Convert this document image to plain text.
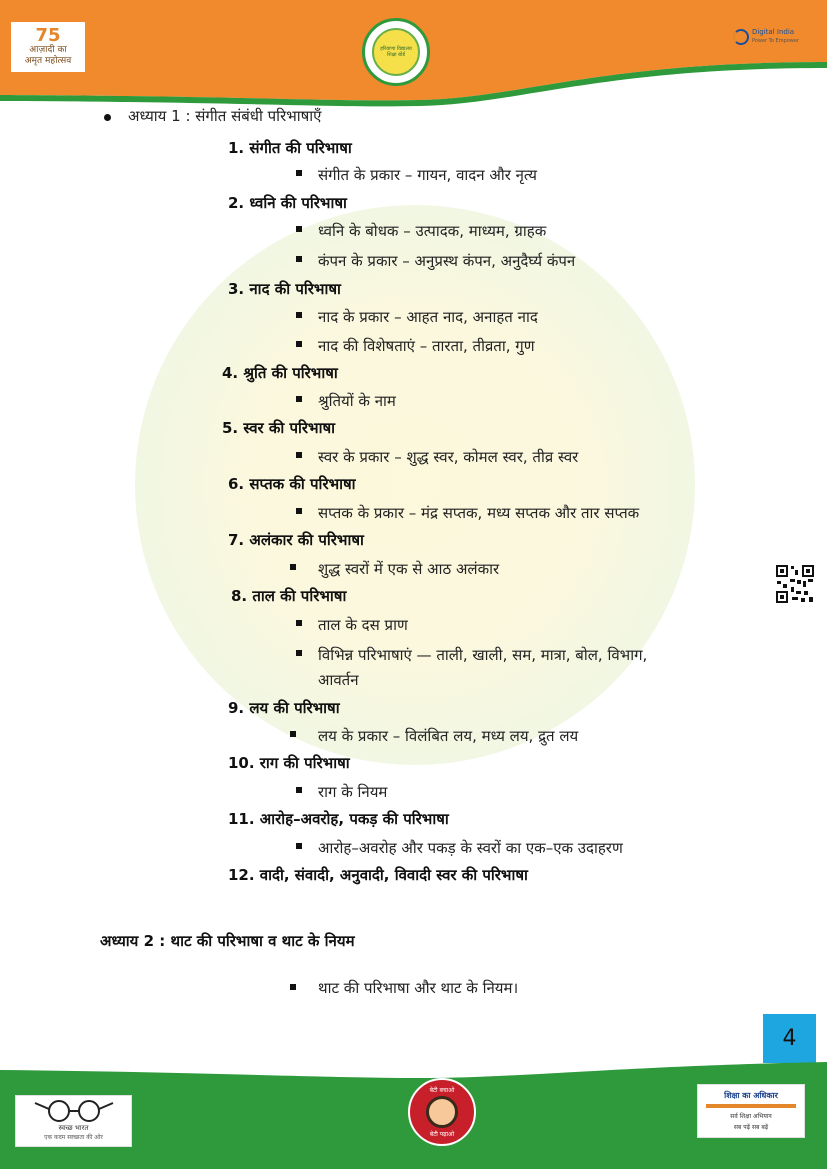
75
आज़ादी का
अमृत महोत्सव
हरियाणा विद्यालय शिक्षा बोर्ड
Digital India
Power To Empower
अध्याय 1 : संगीत संबंधी परिभाषाएँ
1. संगीत की परिभाषा
संगीत के प्रकार – गायन, वादन और नृत्य
2. ध्वनि की परिभाषा
ध्वनि के बोधक – उत्पादक, माध्यम, ग्राहक
कंपन के प्रकार – अनुप्रस्थ कंपन, अनुदैर्घ्य कंपन
3. नाद की परिभाषा
नाद के प्रकार – आहत नाद, अनाहत नाद
नाद की विशेषताएं – तारता, तीव्रता, गुण
4. श्रुति की परिभाषा
श्रुतियों के नाम
5. स्वर की परिभाषा
स्वर के प्रकार – शुद्ध स्वर, कोमल स्वर, तीव्र स्वर
6. सप्तक की परिभाषा
सप्तक के प्रकार – मंद्र सप्तक, मध्य सप्तक और तार सप्तक
7. अलंकार की परिभाषा
शुद्ध स्वरों में एक से आठ अलंकार
8. ताल की परिभाषा
ताल के दस प्राण
विभिन्न परिभाषाएं — ताली, खाली, सम, मात्रा, बोल, विभाग,
आवर्तन
9. लय की परिभाषा
लय के प्रकार – विलंबित लय, मध्य लय, द्रुत लय
10. राग की परिभाषा
राग के नियम
11. आरोह–अवरोह, पकड़ की परिभाषा
आरोह–अवरोह और पकड़ के स्वरों का एक–एक उदाहरण
12. वादी, संवादी, अनुवादी, विवादी स्वर की परिभाषा
अध्याय 2 : थाट की परिभाषा व थाट के नियम
थाट की परिभाषा और थाट के नियम।
4
स्वच्छ भारत
एक कदम स्वच्छता की ओर
बेटी बचाओ
बेटी पढ़ाओ
शिक्षा का अधिकार
सर्व शिक्षा अभियान
सब पढ़ें सब बढ़ें
